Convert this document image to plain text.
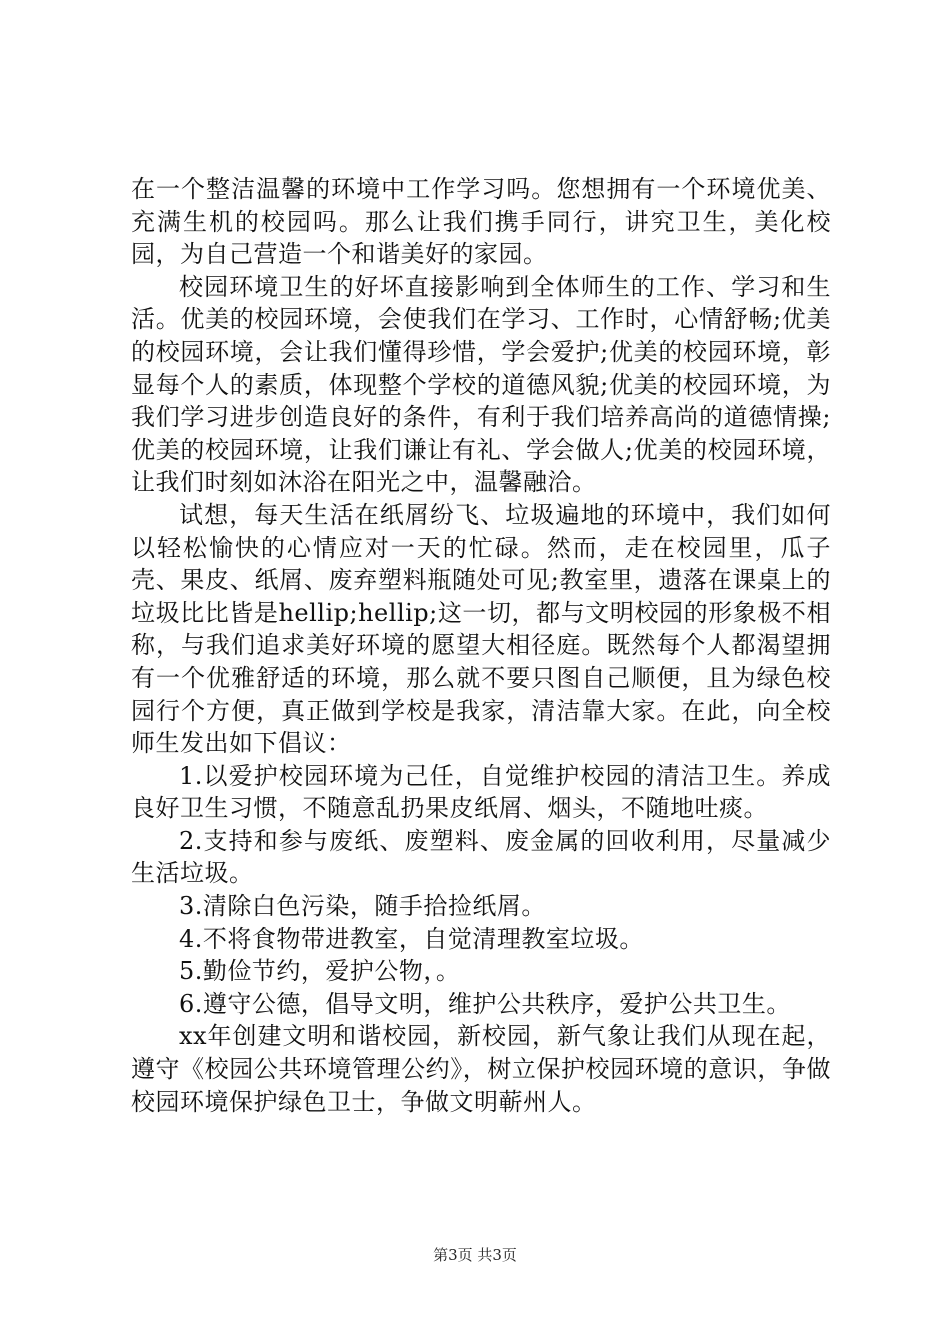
在一个整洁温馨的环境中工作学习吗。您想拥有一个环境优美、充满生机的校园吗。那么让我们携手同行，讲究卫生，美化校园，为自己营造一个和谐美好的家园。

校园环境卫生的好坏直接影响到全体师生的工作、学习和生活。优美的校园环境，会使我们在学习、工作时，心情舒畅;优美的校园环境，会让我们懂得珍惜，学会爱护;优美的校园环境，彰显每个人的素质，体现整个学校的道德风貌;优美的校园环境，为我们学习进步创造良好的条件，有利于我们培养高尚的道德情操;优美的校园环境，让我们谦让有礼、学会做人;优美的校园环境，让我们时刻如沐浴在阳光之中，温馨融洽。

试想，每天生活在纸屑纷飞、垃圾遍地的环境中，我们如何以轻松愉快的心情应对一天的忙碌。然而，走在校园里，瓜子壳、果皮、纸屑、废弃塑料瓶随处可见;教室里，遗落在课桌上的垃圾比比皆是hellip;hellip;这一切，都与文明校园的形象极不相称，与我们追求美好环境的愿望大相径庭。既然每个人都渴望拥有一个优雅舒适的环境，那么就不要只图自己顺便，且为绿色校园行个方便，真正做到学校是我家，清洁靠大家。在此，向全校师生发出如下倡议：

1.以爱护校园环境为己任，自觉维护校园的清洁卫生。养成良好卫生习惯，不随意乱扔果皮纸屑、烟头，不随地吐痰。

2.支持和参与废纸、废塑料、废金属的回收利用，尽量减少生活垃圾。

3.清除白色污染，随手拾捡纸屑。

4.不将食物带进教室，自觉清理教室垃圾。

5.勤俭节约，爱护公物，。

6.遵守公德，倡导文明，维护公共秩序，爱护公共卫生。

xx年创建文明和谐校园，新校园，新气象让我们从现在起，遵守《校园公共环境管理公约》，树立保护校园环境的意识，争做校园环境保护绿色卫士，争做文明蕲州人。

第3页 共3页
